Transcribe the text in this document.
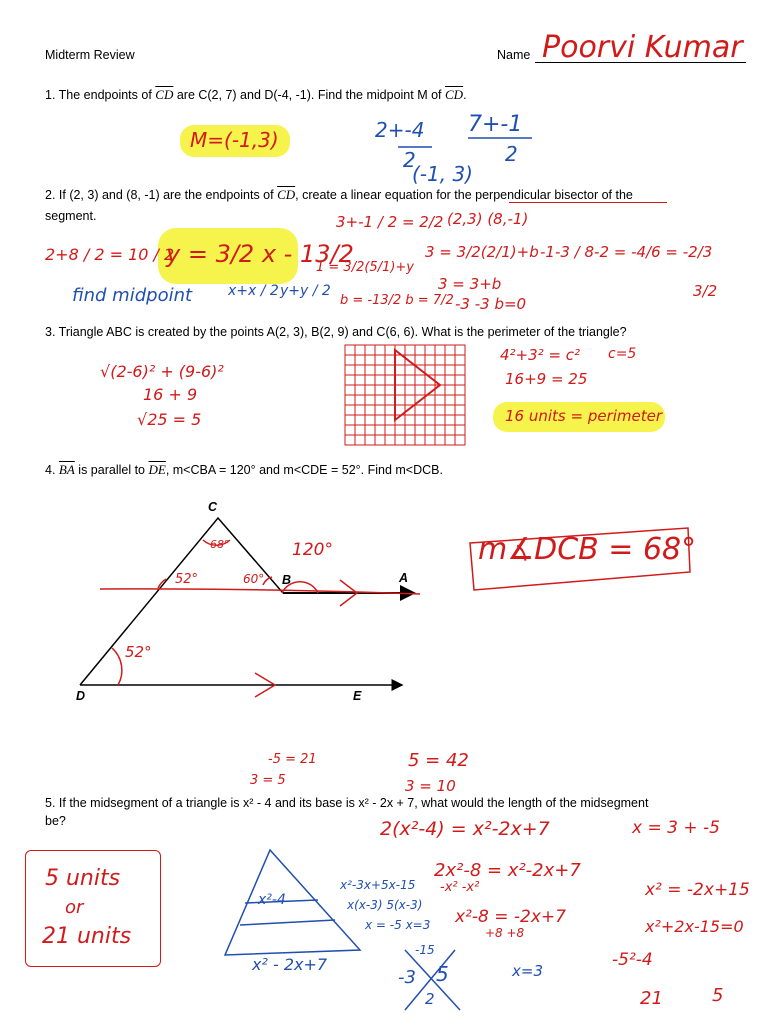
Midterm Review	Name Poorvi Kumar
1. The endpoints of $\overline{CD}$ are C(2, 7) and D(-4, -1). Find the midpoint M of $\overline{CD}$.
M=(-1,3)	2+-4
2
7+-1
2
(-1, 3)
2. If (2, 3) and (8, -1) are the endpoints of $\overline{CD}$, create a linear equation for the perpendicular bisector of the
segment.
y = 3/2 x - 13/2
2+8 / 2 = 10 / 2
find midpoint	x+x / 2 y+y / 2
3+-1 / 2 = 2/2
1 = 3/2(5/1)+y
b = -13/2 b = 7/2
(2,3) (8,-1)
3 = 3/2(2/1)+b
3 = 3+b
-3 -3 b=0
-1-3 / 8-2 = -4/6 = -2/3
3/2
3. Triangle ABC is created by the points A(2, 3), B(2, 9) and C(6, 6). What is the perimeter of the triangle?
√(2-6)² + (9-6)²
16 + 9
√25 = 5
4²+3² = c² c=5
16+9 = 25
16 units = perimeter
4. $\overline{BA}$ is parallel to $\overline{DE}$, m<CBA = 120° and m<CDE = 52°. Find m<DCB.
C
B	A
D	E
68°
52°	60°
120°
52°
m∡DCB = 68°
-5 = 21
3 = 5
5 = 42
3 = 10
5. If the midsegment of a triangle is x² - 4 and its base is x² - 2x + 7, what would the length of the midsegment
be?
5 units
or
21 units
x²-4
x² - 2x+7
2(x²-4) = x²-2x+7	x = 3 + -5
2x²-8 = x²-2x+7
-x² -x²
x²-3x+5x-15
x(x-3) 5(x-3)
x = -5 x=3 x²-8 = -2x+7
+8 +8
x² = -2x+15
x²+2x-15=0
-15
-3 5
2
x=3
-5²-4
21	5
